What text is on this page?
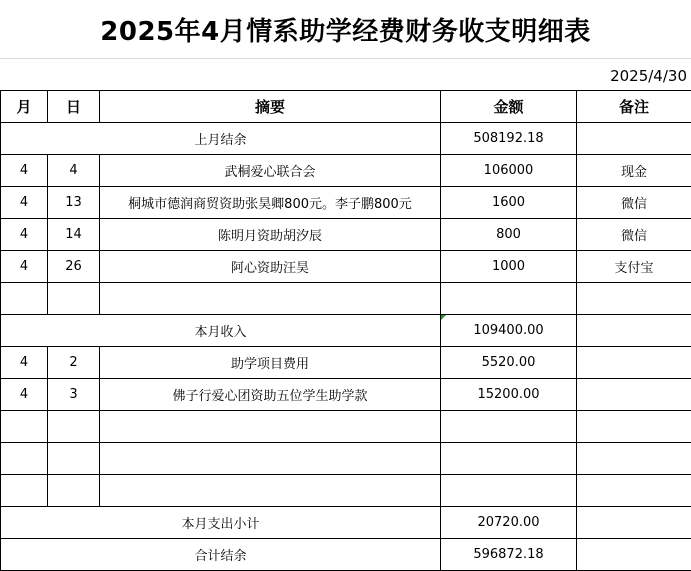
2025年4月情系助学经费财务收支明细表
2025/4/30
月	日	摘要	金额	备注
上月结余			508192.18	
4	4	武桐爱心联合会	106000	现金
4	13	桐城市德润商贸资助张昊卿800元。李子鹏800元	1600	微信
4	14	陈明月资助胡汐辰	800	微信
4	26	阿心资助汪昊	1000	支付宝

本月收入			109400.00	
4	2	助学项目费用	5520.00	
4	3	佛子行爱心团资助五位学生助学款	15200.00	

本月支出小计			20720.00	
合计结余			596872.18	
